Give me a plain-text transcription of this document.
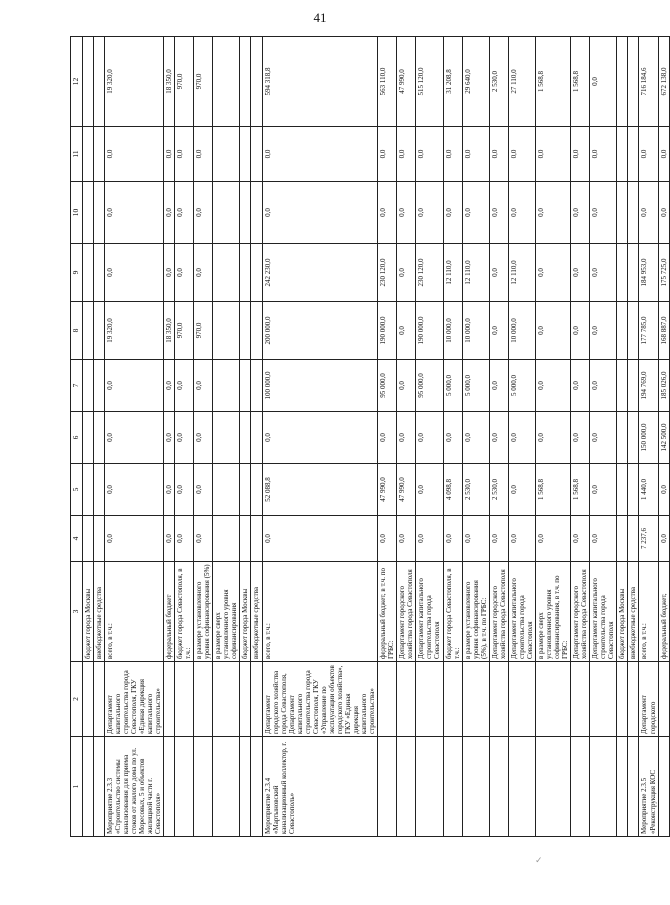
41
1	2	3	4	5	6	7	8	9	10	11	12
		бюджет города Москвы									
		внебюджетные средства									
Мероприятие 2.3.3 «Строительство системы канализования для приема стоков от жилого дома по ул. Моресовых, 5 и объектов жилищной части г. Севастополя»	Департамент капитального строительства города Севастополя, ГКУ «Единая дирекция капитального строительства»	всего, в т.ч.:	0,0	0,0	0,0	0,0	19 320,0	0,0	0,0	0,0	19 320,0
		федеральный бюджет	0,0	0,0	0,0	0,0	18 350,0	0,0	0,0	0,0	18 350,0
		бюджет города Севастополя, в т.ч.:	0,0	0,0	0,0	0,0	970,0	0,0	0,0	0,0	970,0
		в размере установленного уровня софинансирования (5%)	0,0	0,0	0,0	0,0	970,0	0,0	0,0	0,0	970,0
		в размере сверх установленного уровня софинансирования									
		бюджет города Москвы									
		внебюджетные средства									
Мероприятие 2.3.4 «Мартыновский канализационный коллектор, г. Севастополь»	Департамент городского хозяйства города Севастополя, Департамент капитального строительства города Севастополя, ГКУ «Управление по эксплуатации объектов городского хозяйства», ГКУ «Единая дирекция капитального строительства»	всего, в т.ч.:	0,0	52 088,8	0,0	100 000,0	200 000,0	242 230,0	0,0	0,0	594 318,8
		федеральный бюджет, в т.ч. по ГРБС:	0,0	47 990,0	0,0	95 000,0	190 000,0	230 120,0	0,0	0,0	563 110,0
		Департамент городского хозяйства города Севастополя	0,0	47 990,0	0,0	0,0	0,0	0,0	0,0	0,0	47 990,0
		Департамент капитального строительства города Севастополя	0,0	0,0	0,0	95 000,0	190 000,0	230 120,0	0,0	0,0	515 120,0
		бюджет города Севастополя, в т.ч.:	0,0	4 098,8	0,0	5 000,0	10 000,0	12 110,0	0,0	0,0	31 208,8
		в размере установленного уровня софинансирования (5%), в т.ч. по ГРБС:	0,0	2 530,0	0,0	5 000,0	10 000,0	12 110,0	0,0	0,0	29 640,0
		Департамент городского хозяйства города Севастополя	0,0	2 530,0	0,0	0,0	0,0	0,0	0,0	0,0	2 530,0
		Департамент капитального строительства города Севастополя	0,0	0,0	0,0	5 000,0	10 000,0	12 110,0	0,0	0,0	27 110,0
		в размере сверх установленного уровня софинансирования, в т.ч. по ГРБС:	0,0	1 568,8	0,0	0,0	0,0	0,0	0,0	0,0	1 568,8
		Департамент городского хозяйства города Севастополя	0,0	1 568,8	0,0	0,0	0,0	0,0	0,0	0,0	1 568,8
		Департамент капитального строительства города Севастополя	0,0	0,0	0,0	0,0	0,0	0,0	0,0	0,0	0,0
		бюджет города Москвы									
		внебюджетные средства									
Мероприятие 2.3.5 «Реконструкция КОС	Департамент городского	всего, в т.ч.:	7 237,6	1 440,0	150 000,0	194 769,0	177 785,0	184 953,0	0,0	0,0	716 184,6
		федеральный бюджет,	0,0	0,0	142 500,0	185 026,0	168 887,0	175 725,0	0,0	0,0	672 138,0
✓
